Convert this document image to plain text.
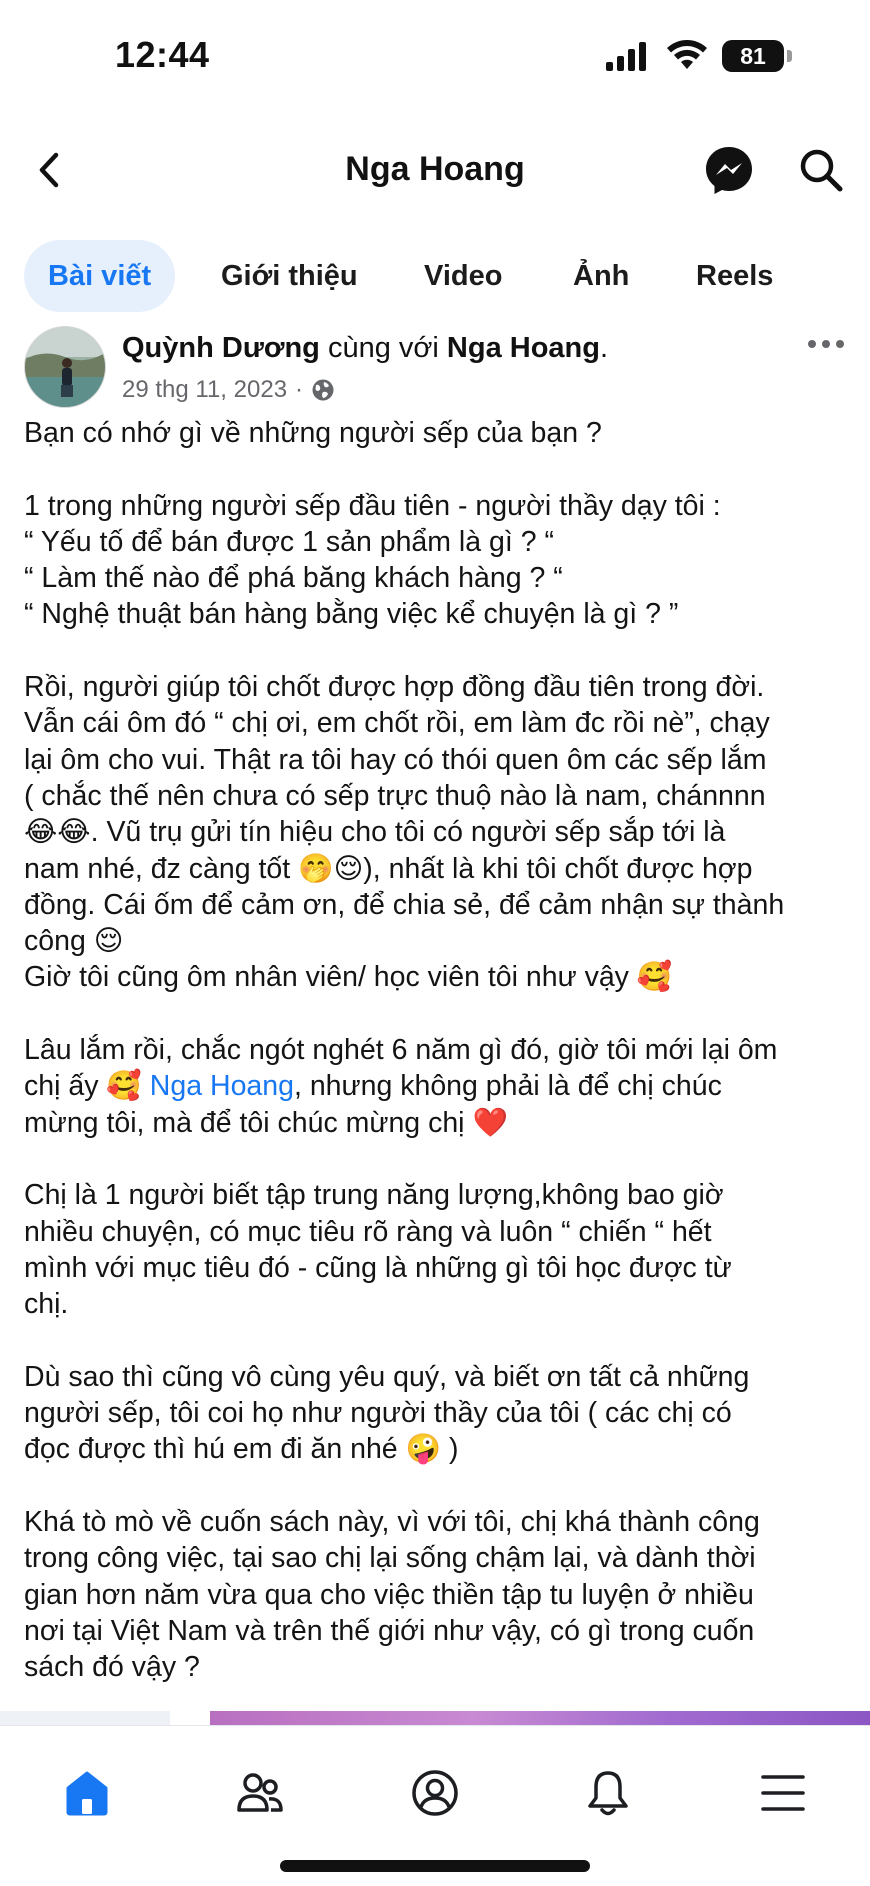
12:44	81
Nga Hoang
Bài viết	Giới thiệu Video Ảnh Reels
Quỳnh Dương cùng với Nga Hoang.
29 thg 11, 2023 ·

Bạn có nhớ gì về những người sếp của bạn ?

1 trong những người sếp đầu tiên - người thầy dạy tôi :

“ Yếu tố để bán được 1 sản phẩm là gì ? “

“ Làm thế nào để phá băng khách hàng ? “

“ Nghệ thuật bán hàng bằng việc kể chuyện là gì ? ”

Rồi, người giúp tôi chốt được hợp đồng đầu tiên trong đời.

Vẫn cái ôm đó “ chị ơi, em chốt rồi, em làm đc rồi nè”, chạy

lại ôm cho vui. Thật ra tôi hay có thói quen ôm các sếp lắm

( chắc thế nên chưa có sếp trực thuộ nào là nam, chánnnn

😂😂. Vũ trụ gửi tín hiệu cho tôi có người sếp sắp tới là

nam nhé, đz càng tốt 🤭😌), nhất là khi tôi chốt được hợp

đồng. Cái ốm để cảm ơn, để chia sẻ, để cảm nhận sự thành

công 😌

Giờ tôi cũng ôm nhân viên/ học viên tôi như vậy 🥰

Lâu lắm rồi, chắc ngót nghét 6 năm gì đó, giờ tôi mới lại ôm

chị ấy 🥰 Nga Hoang, nhưng không phải là để chị chúc

mừng tôi, mà để tôi chúc mừng chị ❤️

Chị là 1 người biết tập trung năng lượng,không bao giờ

nhiều chuyện, có mục tiêu rõ ràng và luôn “ chiến “ hết

mình với mục tiêu đó - cũng là những gì tôi học được từ

chị.

Dù sao thì cũng vô cùng yêu quý, và biết ơn tất cả những

người sếp, tôi coi họ như người thầy của tôi ( các chị có

đọc được thì hú em đi ăn nhé 🤪 )

Khá tò mò về cuốn sách này, vì với tôi, chị khá thành công

trong công việc, tại sao chị lại sống chậm lại, và dành thời

gian hơn năm vừa qua cho việc thiền tập tu luyện ở nhiều

nơi tại Việt Nam và trên thế giới như vậy, có gì trong cuốn

sách đó vậy ?
